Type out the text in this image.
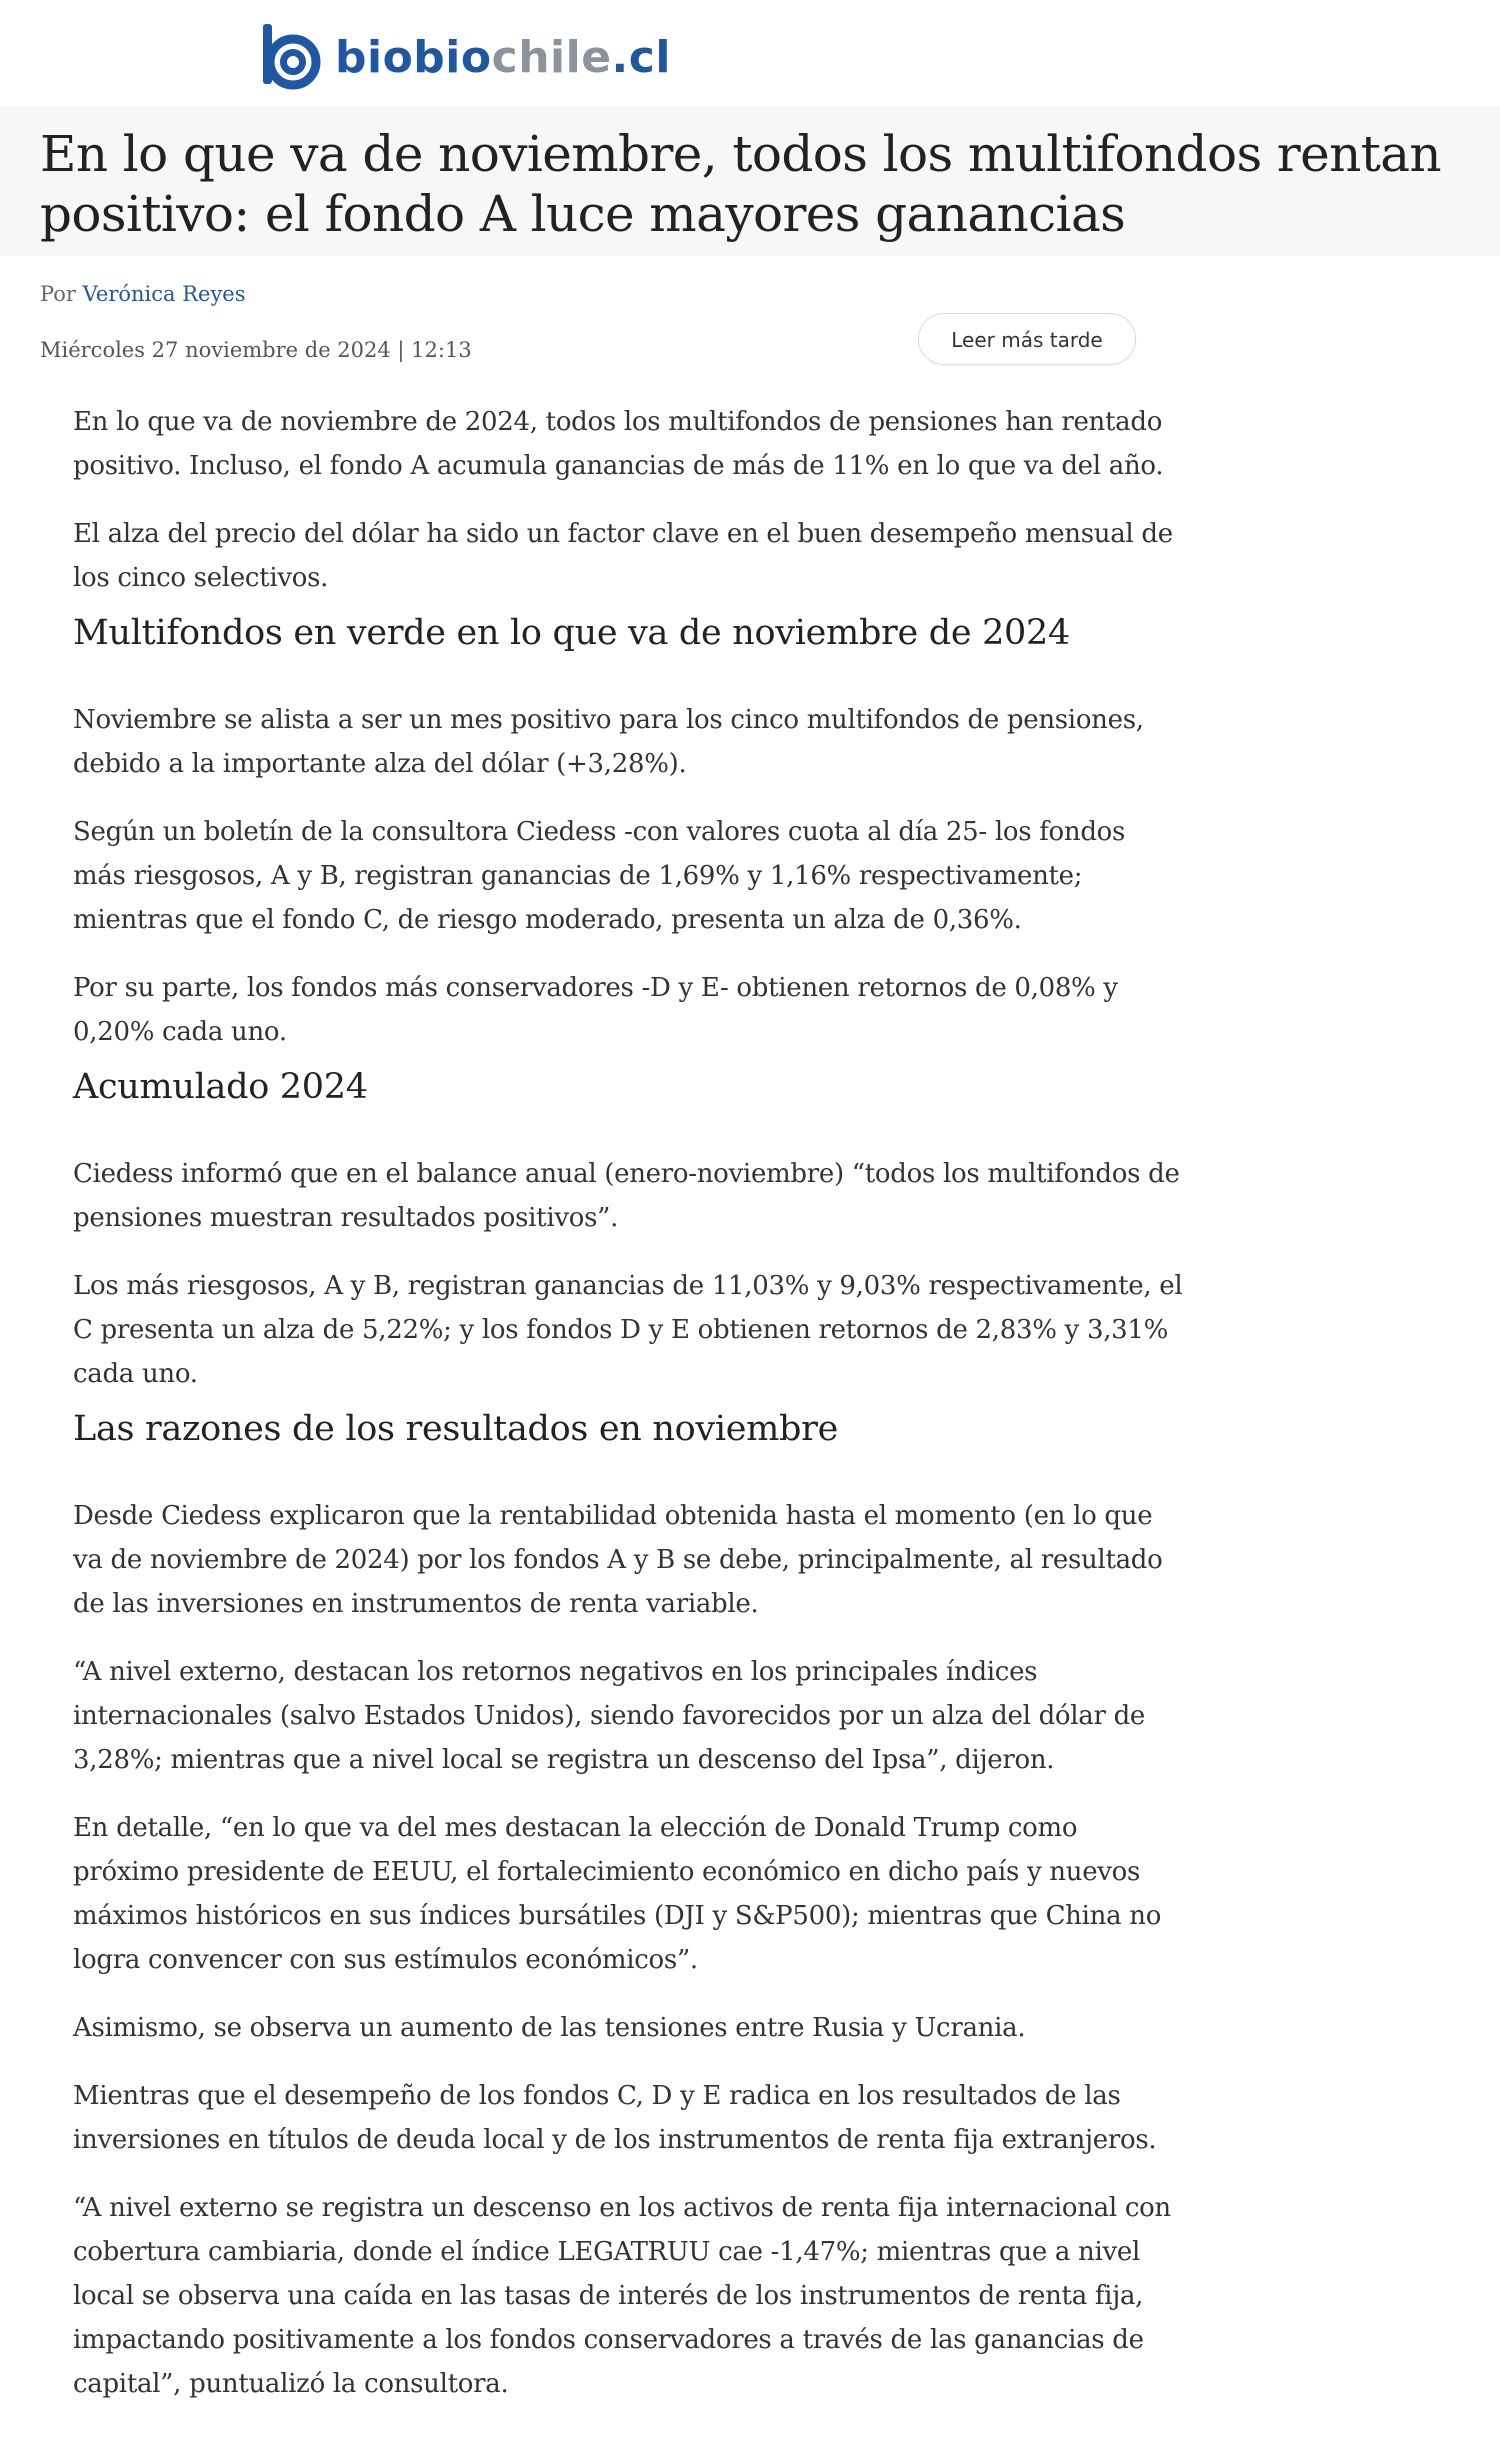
biobiochile.cl
En lo que va de noviembre, todos los multifondos rentan positivo: el fondo A luce mayores ganancias
Por Verónica Reyes
Miércoles 27 noviembre de 2024 | 12:13	Leer más tarde

En lo que va de noviembre de 2024, todos los multifondos de pensiones han rentado positivo. Incluso, el fondo A acumula ganancias de más de 11% en lo que va del año.

El alza del precio del dólar ha sido un factor clave en el buen desempeño mensual de los cinco selectivos.

Multifondos en verde en lo que va de noviembre de 2024

Noviembre se alista a ser un mes positivo para los cinco multifondos de pensiones, debido a la importante alza del dólar (+3,28%).

Según un boletín de la consultora Ciedess -con valores cuota al día 25- los fondos más riesgosos, A y B, registran ganancias de 1,69% y 1,16% respectivamente; mientras que el fondo C, de riesgo moderado, presenta un alza de 0,36%.

Por su parte, los fondos más conservadores -D y E- obtienen retornos de 0,08% y 0,20% cada uno.

Acumulado 2024

Ciedess informó que en el balance anual (enero-noviembre) “todos los multifondos de pensiones muestran resultados positivos”.

Los más riesgosos, A y B, registran ganancias de 11,03% y 9,03% respectivamente, el C presenta un alza de 5,22%; y los fondos D y E obtienen retornos de 2,83% y 3,31% cada uno.

Las razones de los resultados en noviembre

Desde Ciedess explicaron que la rentabilidad obtenida hasta el momento (en lo que va de noviembre de 2024) por los fondos A y B se debe, principalmente, al resultado de las inversiones en instrumentos de renta variable.

“A nivel externo, destacan los retornos negativos en los principales índices internacionales (salvo Estados Unidos), siendo favorecidos por un alza del dólar de 3,28%; mientras que a nivel local se registra un descenso del Ipsa”, dijeron.

En detalle, “en lo que va del mes destacan la elección de Donald Trump como próximo presidente de EEUU, el fortalecimiento económico en dicho país y nuevos máximos históricos en sus índices bursátiles (DJI y S&P500); mientras que China no logra convencer con sus estímulos económicos”.

Asimismo, se observa un aumento de las tensiones entre Rusia y Ucrania.

Mientras que el desempeño de los fondos C, D y E radica en los resultados de las inversiones en títulos de deuda local y de los instrumentos de renta fija extranjeros.

“A nivel externo se registra un descenso en los activos de renta fija internacional con cobertura cambiaria, donde el índice LEGATRUU cae -1,47%; mientras que a nivel local se observa una caída en las tasas de interés de los instrumentos de renta fija, impactando positivamente a los fondos conservadores a través de las ganancias de capital”, puntualizó la consultora.
